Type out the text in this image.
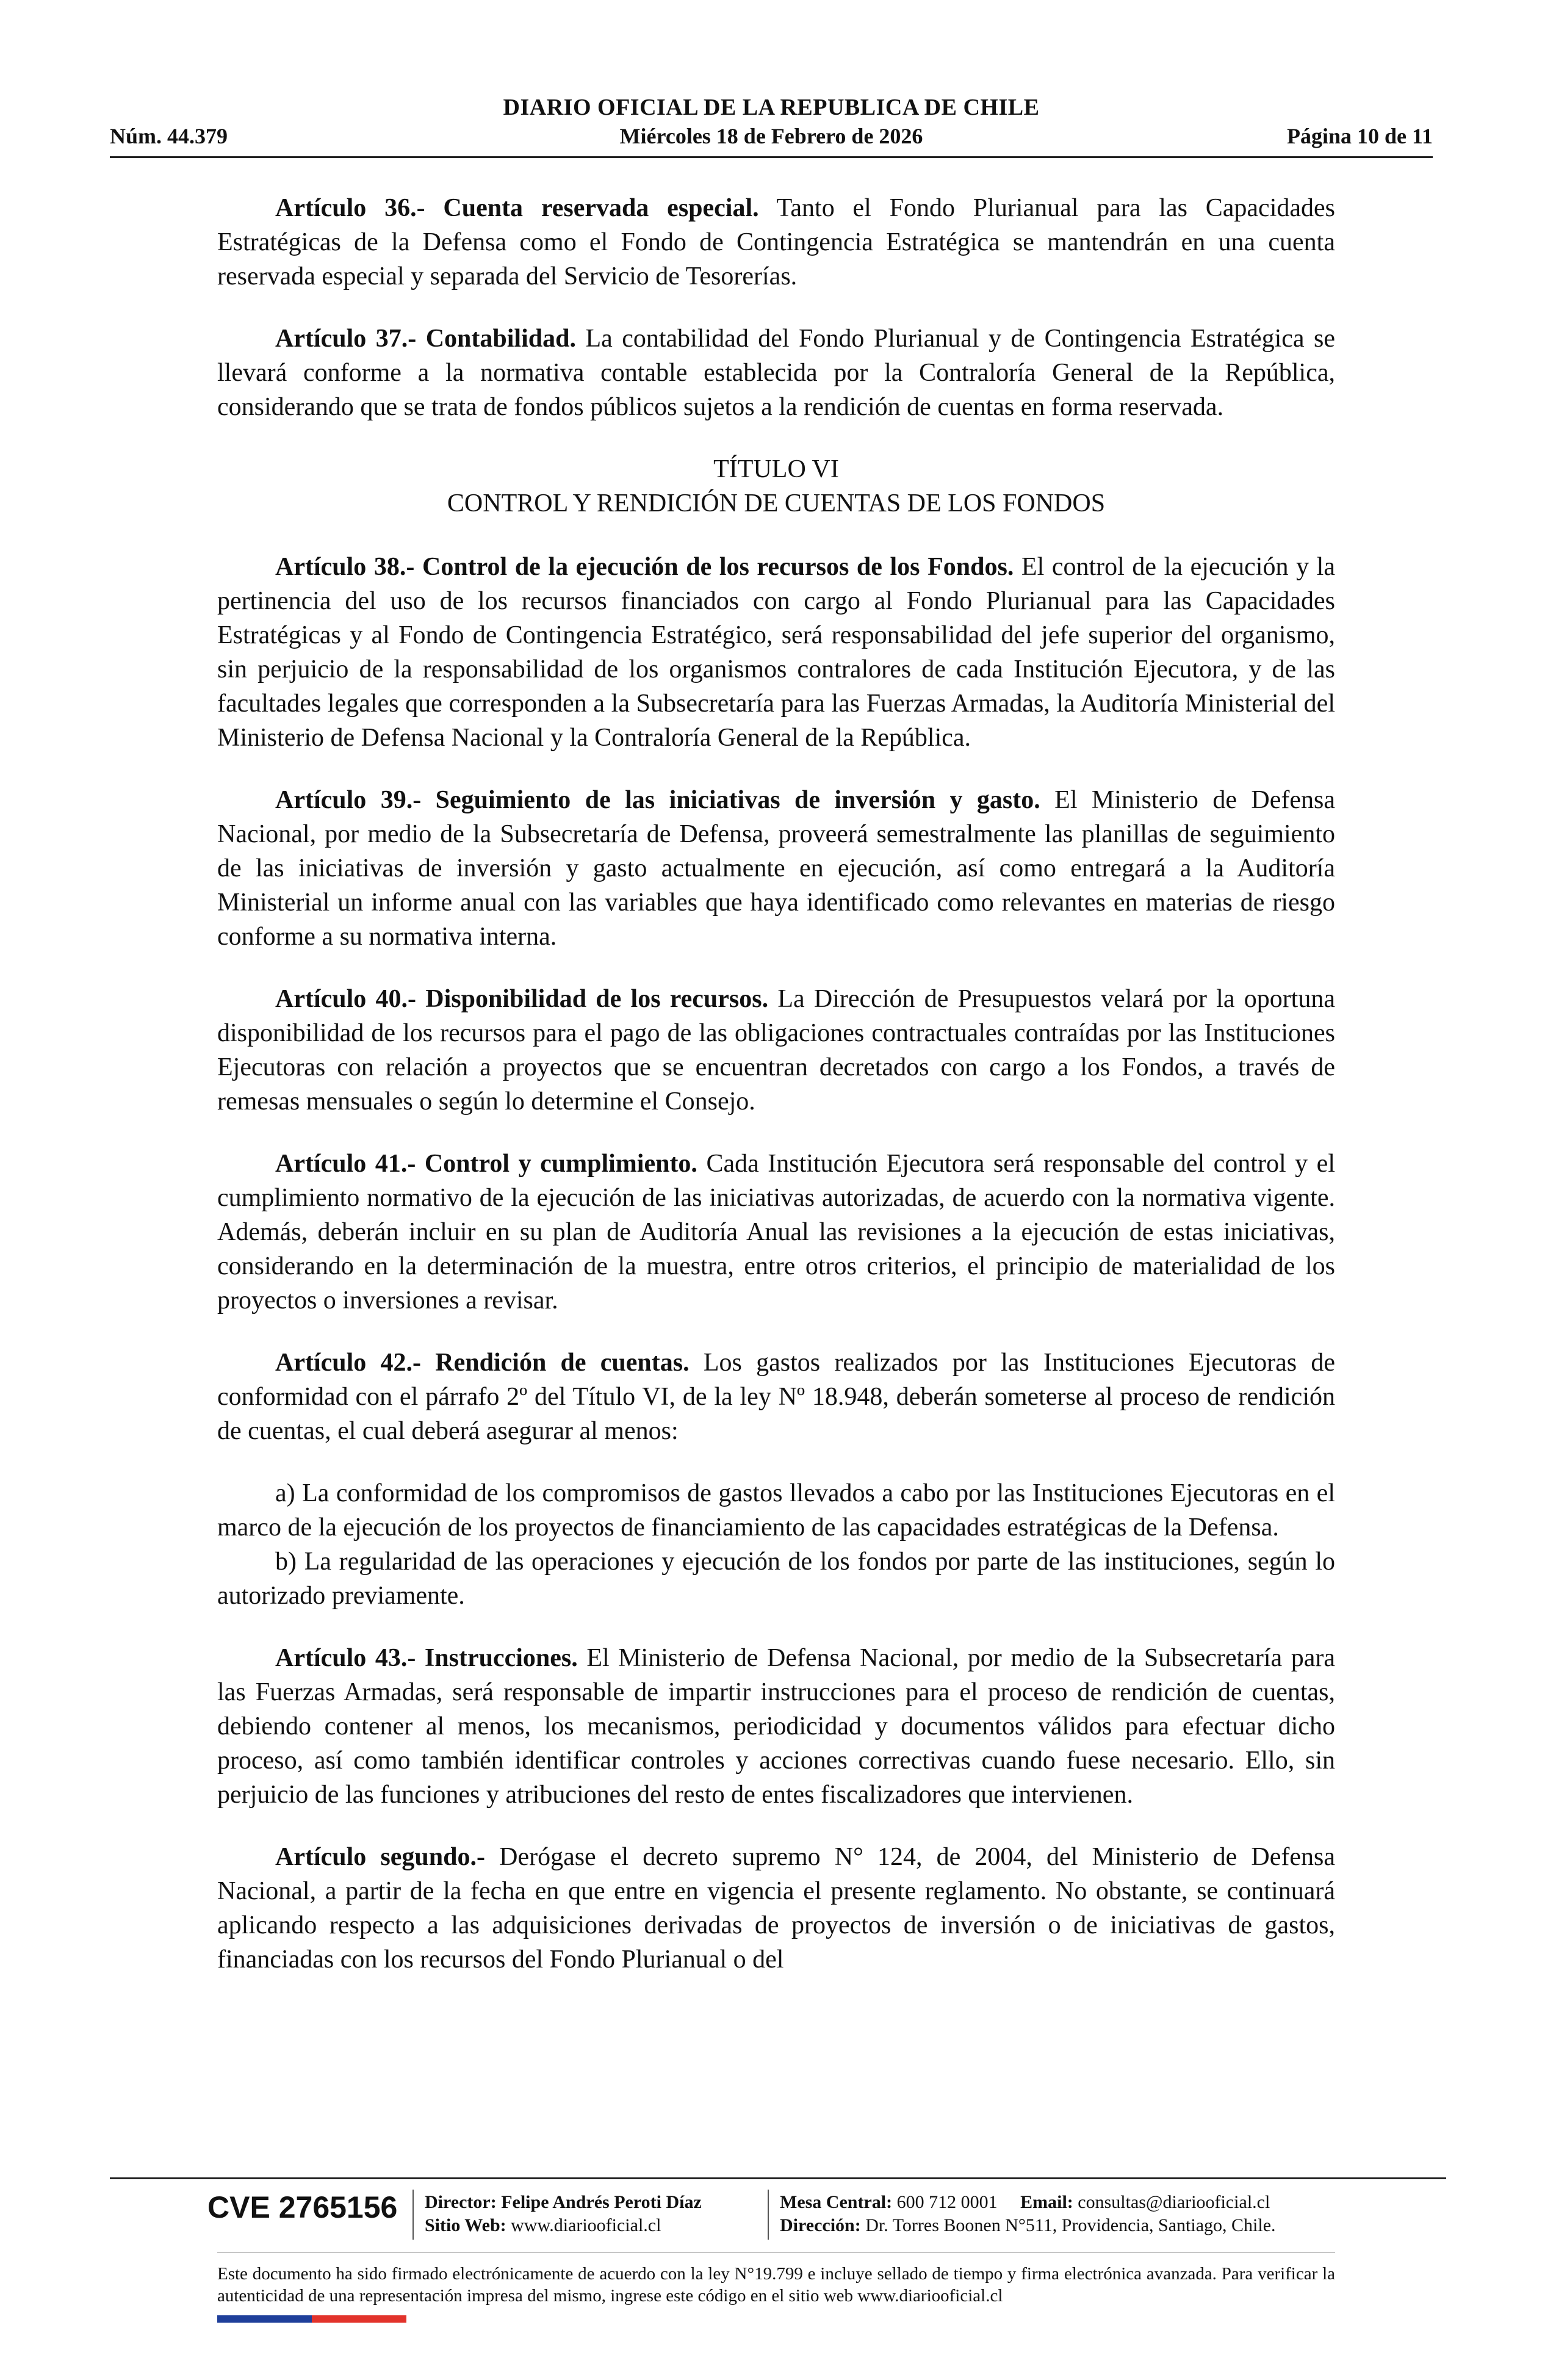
DIARIO OFICIAL DE LA REPUBLICA DE CHILE
Núm. 44.379	Miércoles 18 de Febrero de 2026	Página 10 de 11

Artículo 36.- Cuenta reservada especial. Tanto el Fondo Plurianual para las Capacidades Estratégicas de la Defensa como el Fondo de Contingencia Estratégica se mantendrán en una cuenta reservada especial y separada del Servicio de Tesorerías.

Artículo 37.- Contabilidad. La contabilidad del Fondo Plurianual y de Contingencia Estratégica se llevará conforme a la normativa contable establecida por la Contraloría General de la República, considerando que se trata de fondos públicos sujetos a la rendición de cuentas en forma reservada.

TÍTULO VI
CONTROL Y RENDICIÓN DE CUENTAS DE LOS FONDOS

Artículo 38.- Control de la ejecución de los recursos de los Fondos. El control de la ejecución y la pertinencia del uso de los recursos financiados con cargo al Fondo Plurianual para las Capacidades Estratégicas y al Fondo de Contingencia Estratégico, será responsabilidad del jefe superior del organismo, sin perjuicio de la responsabilidad de los organismos contralores de cada Institución Ejecutora, y de las facultades legales que corresponden a la Subsecretaría para las Fuerzas Armadas, la Auditoría Ministerial del Ministerio de Defensa Nacional y la Contraloría General de la República.

Artículo 39.- Seguimiento de las iniciativas de inversión y gasto. El Ministerio de Defensa Nacional, por medio de la Subsecretaría de Defensa, proveerá semestralmente las planillas de seguimiento de las iniciativas de inversión y gasto actualmente en ejecución, así como entregará a la Auditoría Ministerial un informe anual con las variables que haya identificado como relevantes en materias de riesgo conforme a su normativa interna.

Artículo 40.- Disponibilidad de los recursos. La Dirección de Presupuestos velará por la oportuna disponibilidad de los recursos para el pago de las obligaciones contractuales contraídas por las Instituciones Ejecutoras con relación a proyectos que se encuentran decretados con cargo a los Fondos, a través de remesas mensuales o según lo determine el Consejo.

Artículo 41.- Control y cumplimiento. Cada Institución Ejecutora será responsable del control y el cumplimiento normativo de la ejecución de las iniciativas autorizadas, de acuerdo con la normativa vigente. Además, deberán incluir en su plan de Auditoría Anual las revisiones a la ejecución de estas iniciativas, considerando en la determinación de la muestra, entre otros criterios, el principio de materialidad de los proyectos o inversiones a revisar.

Artículo 42.- Rendición de cuentas. Los gastos realizados por las Instituciones Ejecutoras de conformidad con el párrafo 2º del Título VI, de la ley Nº 18.948, deberán someterse al proceso de rendición de cuentas, el cual deberá asegurar al menos:

a) La conformidad de los compromisos de gastos llevados a cabo por las Instituciones Ejecutoras en el marco de la ejecución de los proyectos de financiamiento de las capacidades estratégicas de la Defensa.

b) La regularidad de las operaciones y ejecución de los fondos por parte de las instituciones, según lo autorizado previamente.

Artículo 43.- Instrucciones. El Ministerio de Defensa Nacional, por medio de la Subsecretaría para las Fuerzas Armadas, será responsable de impartir instrucciones para el proceso de rendición de cuentas, debiendo contener al menos, los mecanismos, periodicidad y documentos válidos para efectuar dicho proceso, así como también identificar controles y acciones correctivas cuando fuese necesario. Ello, sin perjuicio de las funciones y atribuciones del resto de entes fiscalizadores que intervienen.

Artículo segundo.- Derógase el decreto supremo N° 124, de 2004, del Ministerio de Defensa Nacional, a partir de la fecha en que entre en vigencia el presente reglamento. No obstante, se continuará aplicando respecto a las adquisiciones derivadas de proyectos de inversión o de iniciativas de gastos, financiadas con los recursos del Fondo Plurianual o del

CVE 2765156 Director: Felipe Andrés Peroti Díaz
Sitio Web: www.diariooficial.cl
Mesa Central: 600 712 0001 Email: consultas@diariooficial.cl
Dirección: Dr. Torres Boonen N°511, Providencia, Santiago, Chile.
Este documento ha sido firmado electrónicamente de acuerdo con la ley N°19.799 e incluye sellado de tiempo y firma electrónica avanzada. Para verificar la autenticidad de una representación impresa del mismo, ingrese este código en el sitio web www.diariooficial.cl
